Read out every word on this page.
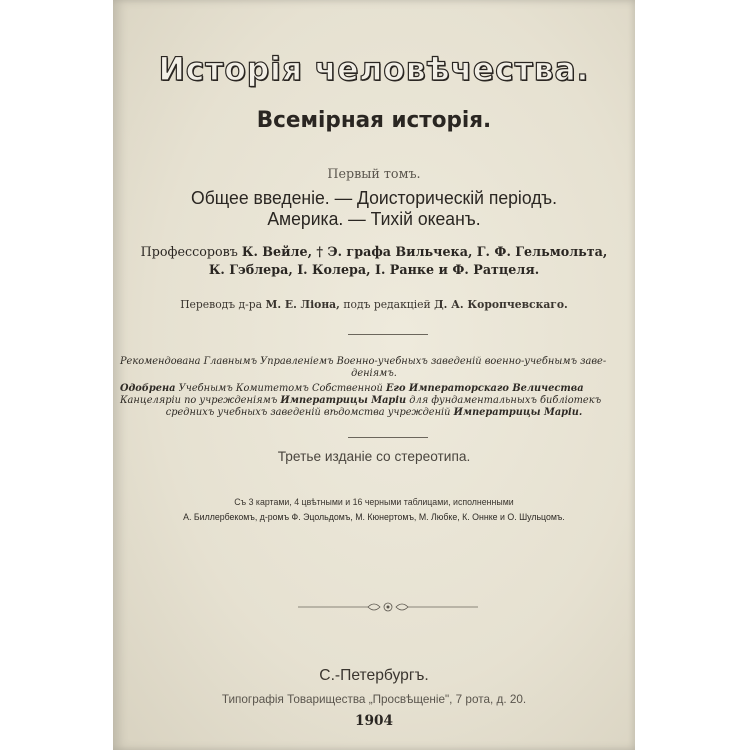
Исторія человѣчества.
Всемірная исторія.
Первый томъ.
Общее введеніе. — Доисторическій періодъ.
Америка. — Тихій океанъ.
Профессоровъ К. Вейле, † Э. графа Вильчека, Г. Ф. Гельмольта,
К. Гэблера, І. Колера, І. Ранке и Ф. Ратцеля.
Переводъ д-ра М. Е. Ліона, подъ редакціей Д. А. Коропчевскаго.
Рекомендована Главнымъ Управленіемъ Военно-учебныхъ заведеній военно-учебнымъ заве-
деніямъ.
Одобрена Учебнымъ Комитетомъ Собственной Его Императорскаго Величества
Канцеляріи по учрежденіямъ Императрицы Маріи для фундаментальныхъ библіотекъ
среднихъ учебныхъ заведеній вѣдомства учрежденій Императрицы Маріи.
Третье изданіе со стереотипа.
Съ 3 картами, 4 цвѣтными и 16 черными таблицами, исполненными
А. Биллербекомъ, д-ромъ Ф. Эцольдомъ, М. Кюнертомъ, М. Любке, К. Оннке и О. Шульцомъ.
С.-Петербургъ.
Типографія Товарищества „Просвѣщеніе", 7 рота, д. 20.
1904
